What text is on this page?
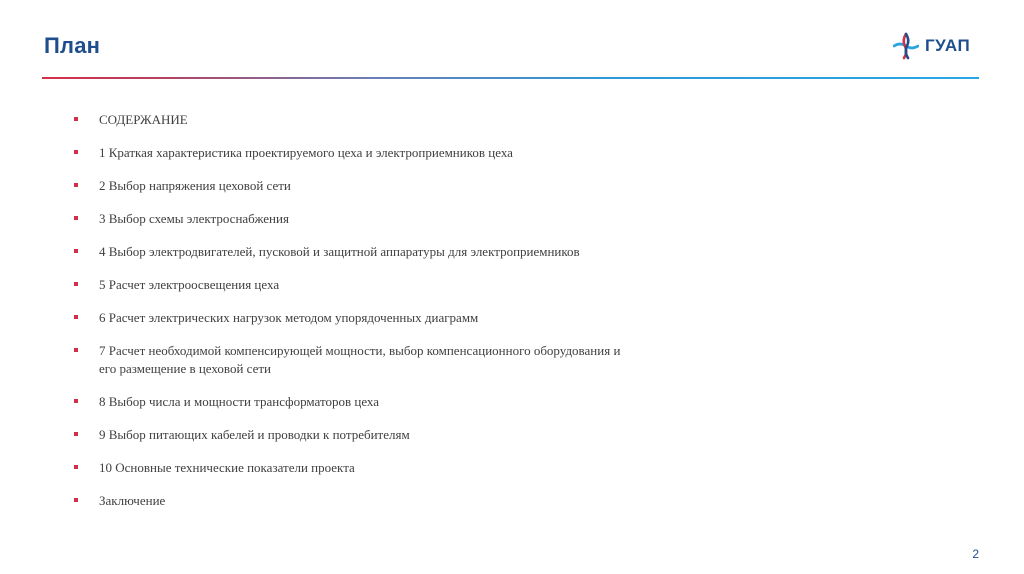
План	ГУАП
СОДЕРЖАНИЕ
1 Краткая характеристика проектируемого цеха и электроприемников цеха
2 Выбор напряжения цеховой сети
3 Выбор схемы электроснабжения
4 Выбор электродвигателей, пусковой и защитной аппаратуры для электроприемников
5 Расчет электроосвещения цеха
6 Расчет электрических нагрузок методом упорядоченных диаграмм
7 Расчет необходимой компенсирующей мощности, выбор компенсационного оборудования и его размещение в цеховой сети
8 Выбор числа и мощности трансформаторов цеха
9 Выбор питающих кабелей и проводки к потребителям
10 Основные технические показатели проекта
Заключение
2
